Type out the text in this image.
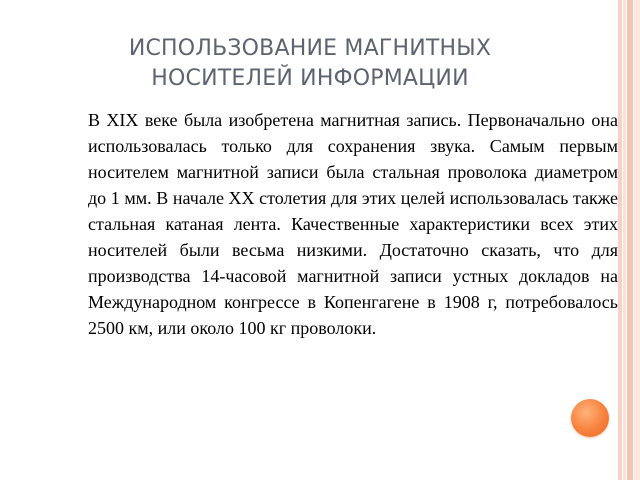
ИСПОЛЬЗОВАНИЕ МАГНИТНЫХ НОСИТЕЛЕЙ ИНФОРМАЦИИ
В XIX веке была изобретена магнитная запись. Первоначально она использовалась только для сохранения звука. Самым первым носителем магнитной записи была стальная проволока диаметром до 1 мм. В начале XX столетия для этих целей использовалась также стальная катаная лента. Качественные характеристики всех этих носителей были весьма низкими. Достаточно сказать, что для производства 14-часовой магнитной записи устных докладов на Международном конгрессе в Копенгагене в 1908 г, потребовалось 2500 км, или около 100 кг проволоки.
